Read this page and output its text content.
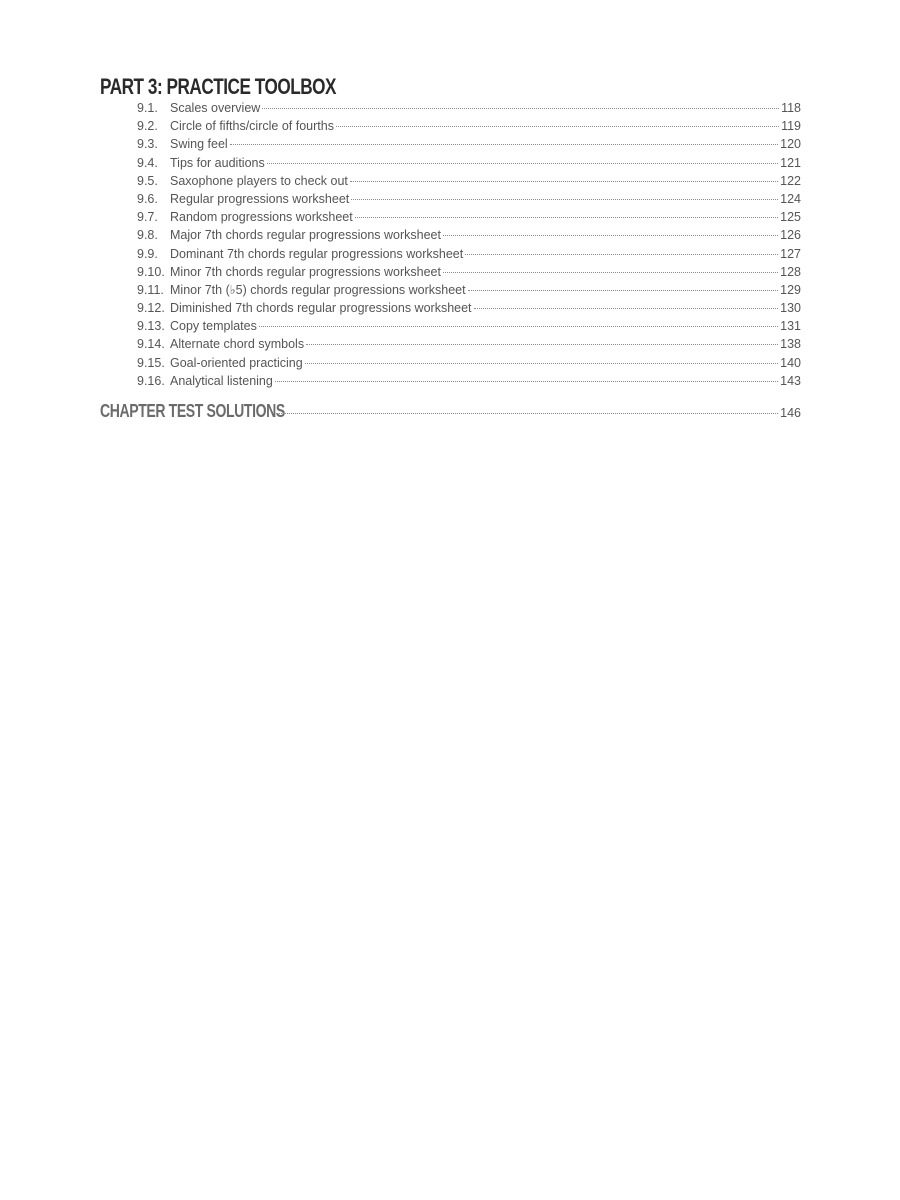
PART 3: PRACTICE TOOLBOX
9.1. Scales overview	118
9.2. Circle of fifths/circle of fourths	119
9.3. Swing feel	120
9.4. Tips for auditions	121
9.5. Saxophone players to check out	122
9.6. Regular progressions worksheet	124
9.7. Random progressions worksheet	125
9.8. Major 7th chords regular progressions worksheet	126
9.9. Dominant 7th chords regular progressions worksheet	127
9.10. Minor 7th chords regular progressions worksheet	128
9.11. Minor 7th (♭5) chords regular progressions worksheet	129
9.12. Diminished 7th chords regular progressions worksheet	130
9.13. Copy templates	131
9.14. Alternate chord symbols	138
9.15. Goal-oriented practicing	140
9.16. Analytical listening	143
CHAPTER TEST SOLUTIONS	146
